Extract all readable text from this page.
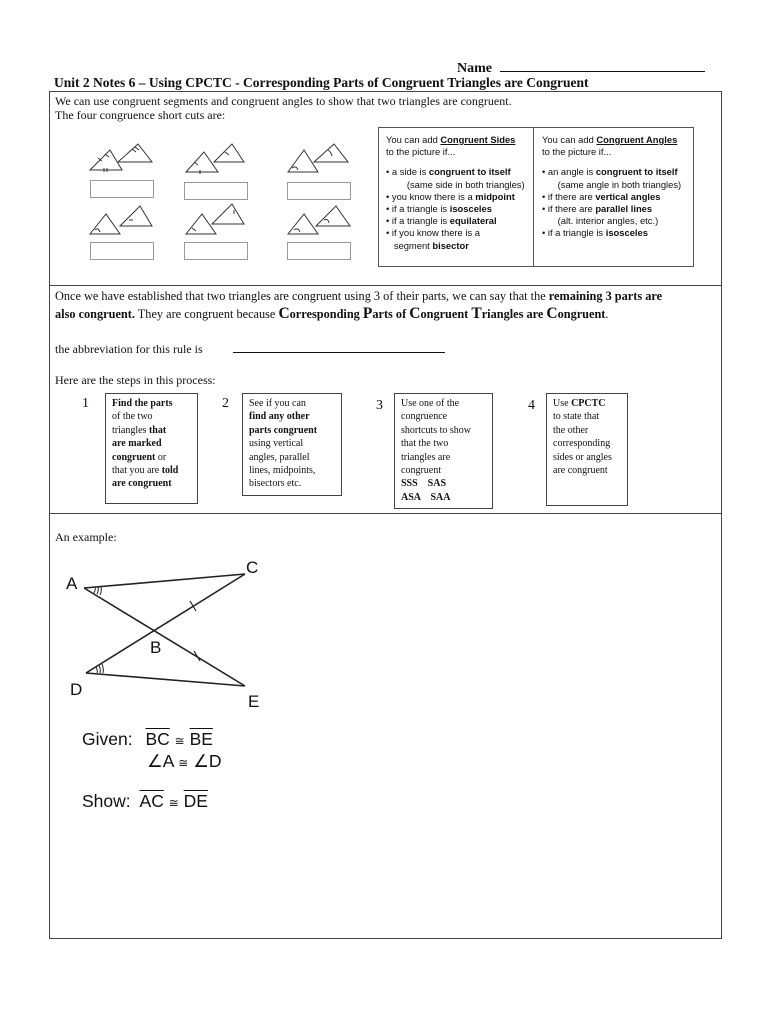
Name
Unit 2 Notes 6 – Using CPCTC - Corresponding Parts of Congruent Triangles are Congruent
We can use congruent segments and congruent angles to show that two triangles are congruent.
The four congruence short cuts are:
You can add Congruent Sides
to the picture if...
• a side is congruent to itself
(same side in both triangles)
• you know there is a midpoint
• if a triangle is isosceles
• if a triangle is equilateral
• if you know there is a
segment bisector
You can add Congruent Angles
to the picture if...
• an angle is congruent to itself
(same angle in both triangles)
• if there are vertical angles
• if there are parallel lines
(alt. interior angles, etc.)
• if a triangle is isosceles
Once we have established that two triangles are congruent using 3 of their parts, we can say that the remaining 3 parts are
also congruent. They are congruent because Corresponding Parts of Congruent Triangles are Congruent.
the abbreviation for this rule is
Here are the steps in this process:
1	Find the parts
of the two
triangles that
are marked
congruent or
that you are told
are congruent
2	See if you can
find any other
parts congruent
using vertical
angles, parallel
lines, midpoints,
bisectors etc.
3	Use one of the
congruence
shortcuts to show
that the two
triangles are
congruent
SSS    SAS
ASA    SAA
4	Use CPCTC
to state that
the other
corresponding
sides or angles
are congruent
An example:
A
C
B
D
E
Given: $\overline{BC}$ ≅ $\overline{BE}$
∠A ≅ ∠D
Show: $\overline{AC}$ ≅ $\overline{DE}$
